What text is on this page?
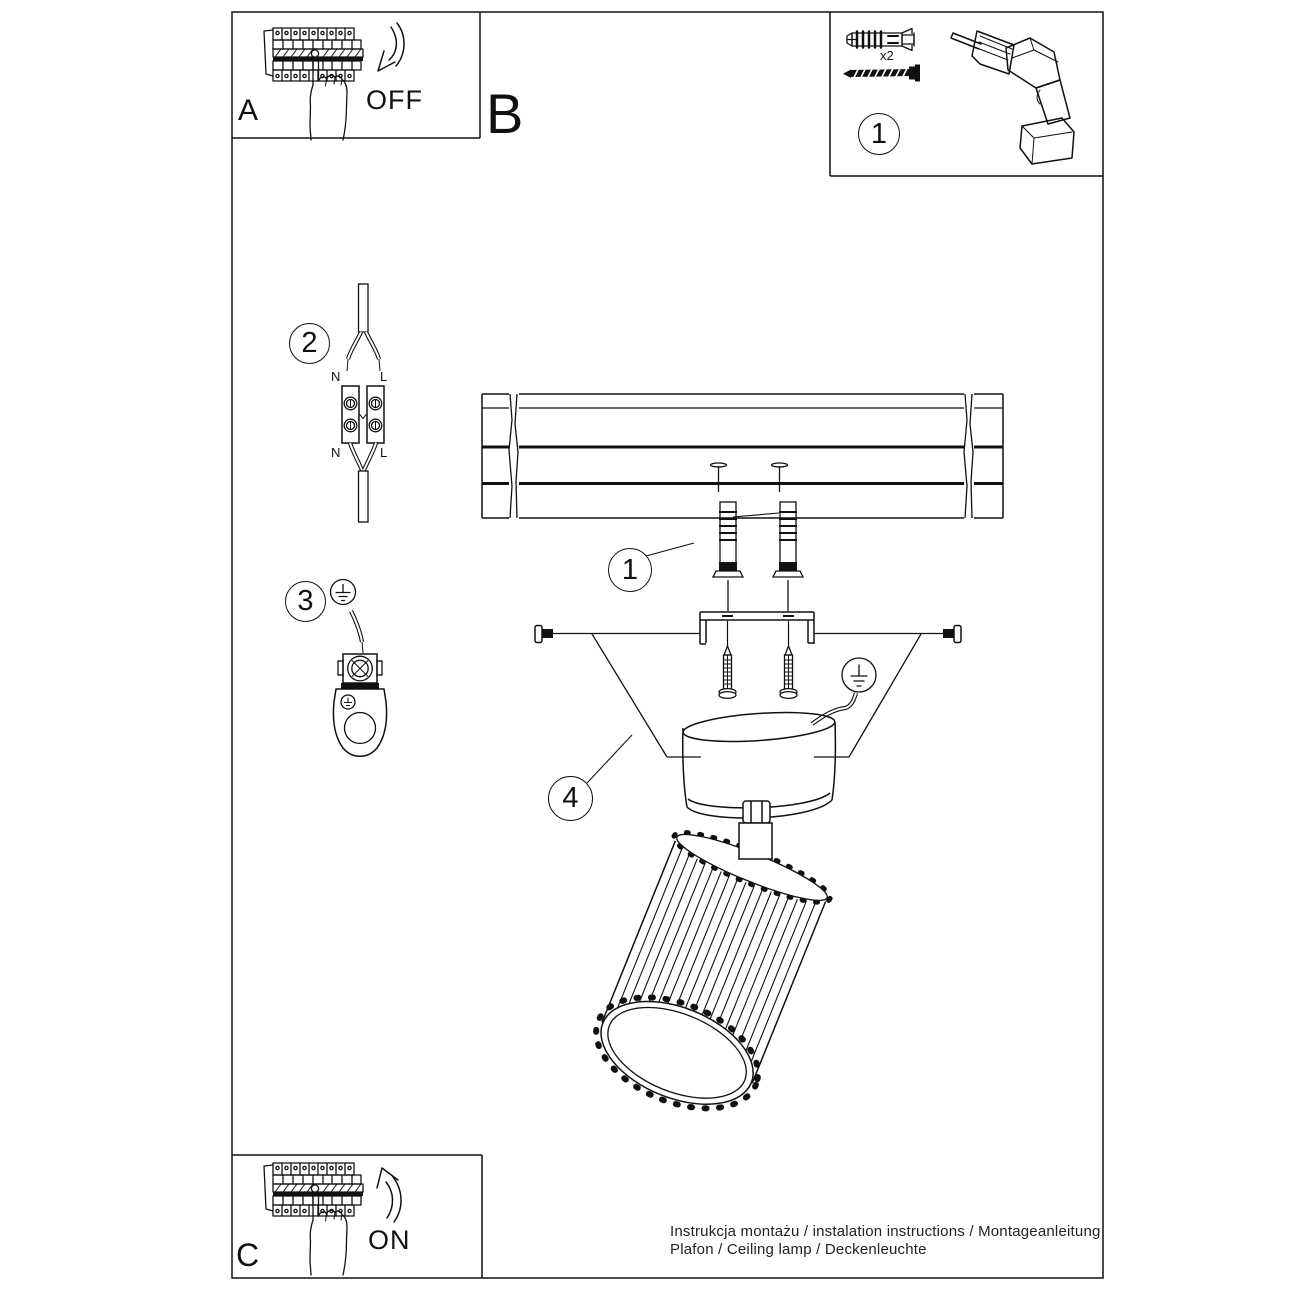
A	OFF B
x2
1
2
3
1
4
N	L
N	L
C	ON	Instrukcja montażu / instalation instructions / Montageanleitung
Plafon / Ceiling lamp / Deckenleuchte
